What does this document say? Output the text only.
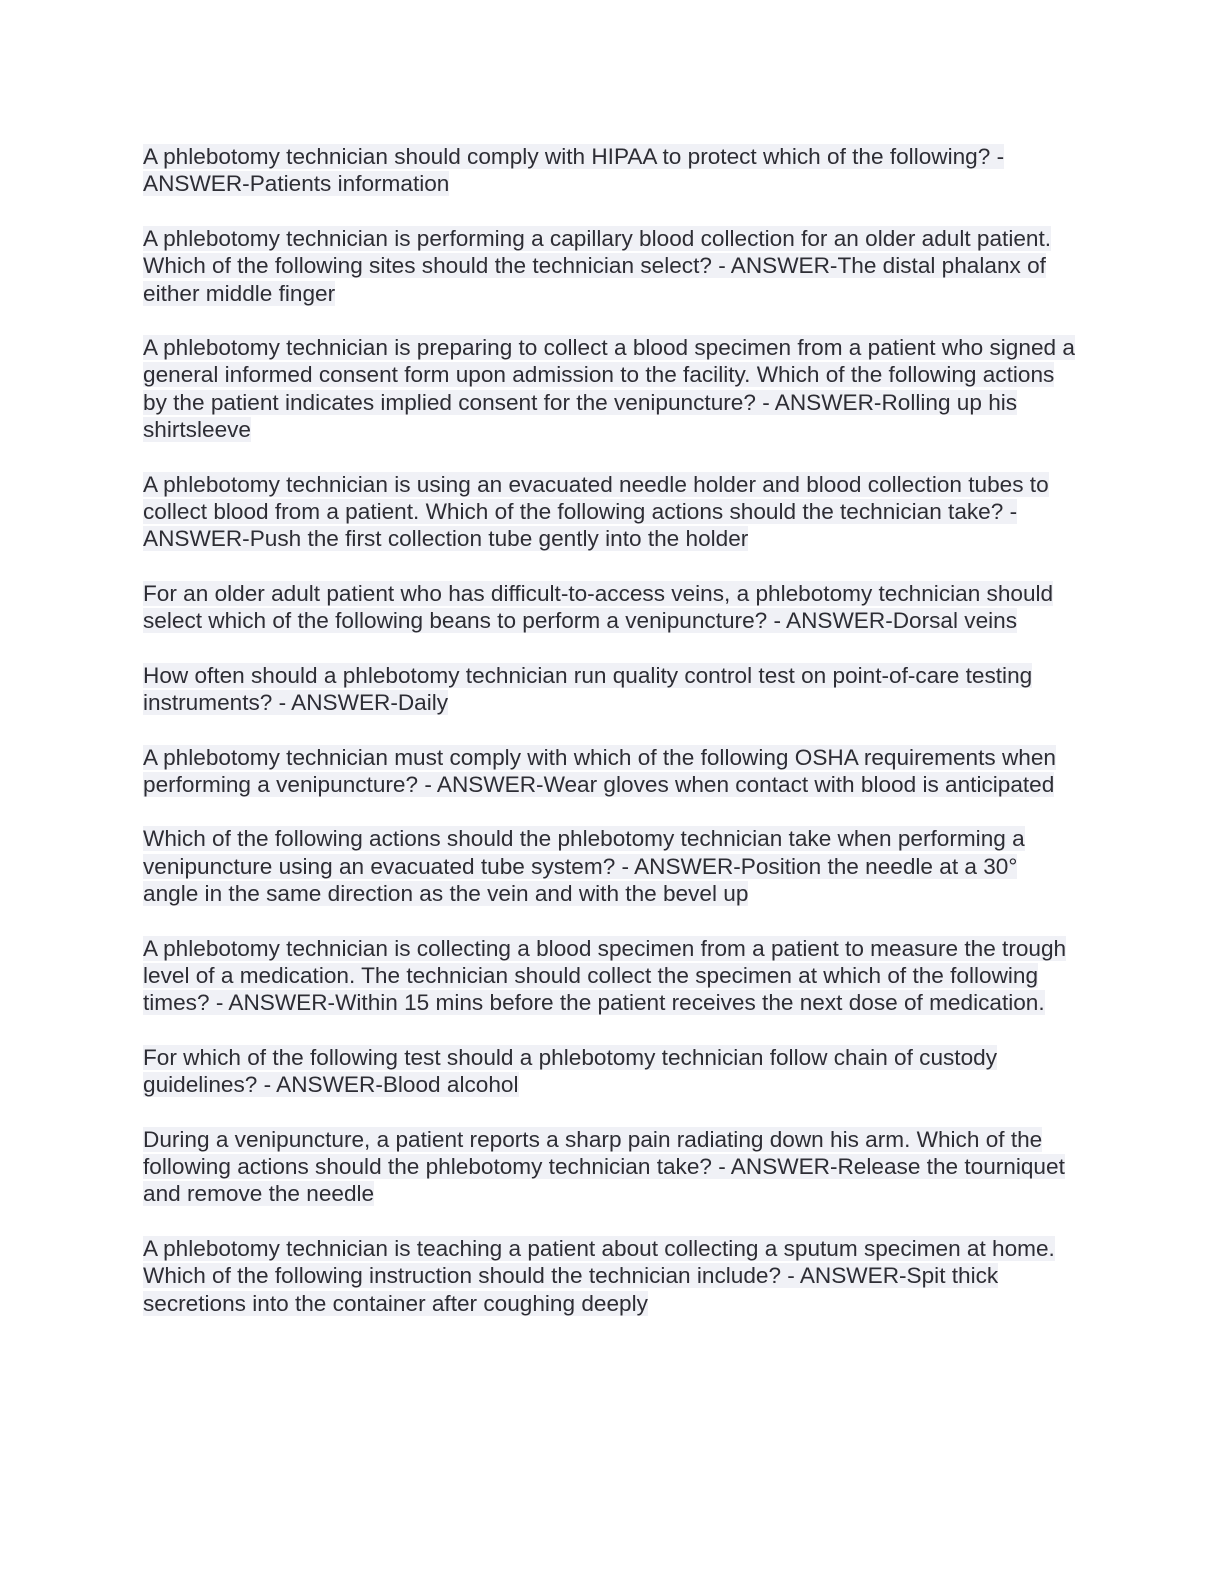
A phlebotomy technician should comply with HIPAA to protect which of the following? - ANSWER-Patients information

A phlebotomy technician is performing a capillary blood collection for an older adult patient. Which of the following sites should the technician select? - ANSWER-The distal phalanx of either middle finger

A phlebotomy technician is preparing to collect a blood specimen from a patient who signed a general informed consent form upon admission to the facility. Which of the following actions by the patient indicates implied consent for the venipuncture? - ANSWER-Rolling up his shirtsleeve

A phlebotomy technician is using an evacuated needle holder and blood collection tubes to collect blood from a patient. Which of the following actions should the technician take? - ANSWER-Push the first collection tube gently into the holder

For an older adult patient who has difficult-to-access veins, a phlebotomy technician should select which of the following beans to perform a venipuncture? - ANSWER-Dorsal veins

How often should a phlebotomy technician run quality control test on point-of-care testing instruments? - ANSWER-Daily

A phlebotomy technician must comply with which of the following OSHA requirements when performing a venipuncture? - ANSWER-Wear gloves when contact with blood is anticipated

Which of the following actions should the phlebotomy technician take when performing a venipuncture using an evacuated tube system? - ANSWER-Position the needle at a 30° angle in the same direction as the vein and with the bevel up

A phlebotomy technician is collecting a blood specimen from a patient to measure the trough level of a medication. The technician should collect the specimen at which of the following times? - ANSWER-Within 15 mins before the patient receives the next dose of medication.

For which of the following test should a phlebotomy technician follow chain of custody guidelines? - ANSWER-Blood alcohol

During a venipuncture, a patient reports a sharp pain radiating down his arm. Which of the following actions should the phlebotomy technician take? - ANSWER-Release the tourniquet and remove the needle

A phlebotomy technician is teaching a patient about collecting a sputum specimen at home. Which of the following instruction should the technician include? - ANSWER-Spit thick secretions into the container after coughing deeply
